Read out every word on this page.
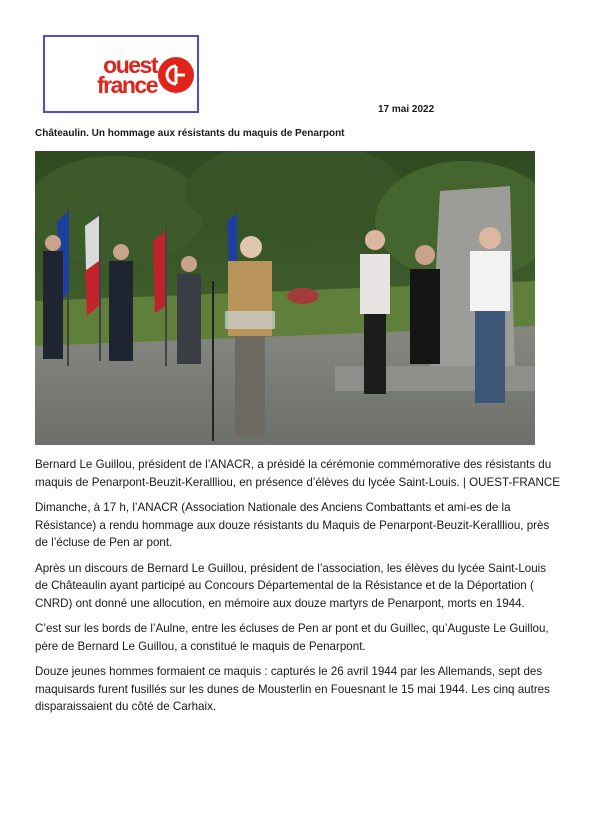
ouest
france
17 mai 2022
Châteaulin. Un hommage aux résistants du maquis de Penarpont

Bernard Le Guillou, président de l’ANACR, a présidé la cérémonie commémorative des résistants du maquis de Penarpont-Beuzit-Kerallliou, en présence d’élèves du lycée Saint-Louis. | OUEST-FRANCE

Dimanche, à 17 h, l’ANACR (Association Nationale des Anciens Combattants et ami-es de la Résistance) a rendu hommage aux douze résistants du Maquis de Penarpont-Beuzit-Kerallliou, près de l’écluse de Pen ar pont.

Après un discours de Bernard Le Guillou, président de l’association, les élèves du lycée Saint-Louis de Châteaulin ayant participé au Concours Départemental de la Résistance et de la Déportation ( CNRD) ont donné une allocution, en mémoire aux douze martyrs de Penarpont, morts en 1944.

C’est sur les bords de l’Aulne, entre les écluses de Pen ar pont et du Guillec, qu’Auguste Le Guillou, père de Bernard Le Guillou, a constitué le maquis de Penarpont.

Douze jeunes hommes formaient ce maquis : capturés le 26 avril 1944 par les Allemands, sept des maquisards furent fusillés sur les dunes de Mousterlin en Fouesnant le 15 mai 1944. Les cinq autres disparaissaient du côté de Carhaix.
